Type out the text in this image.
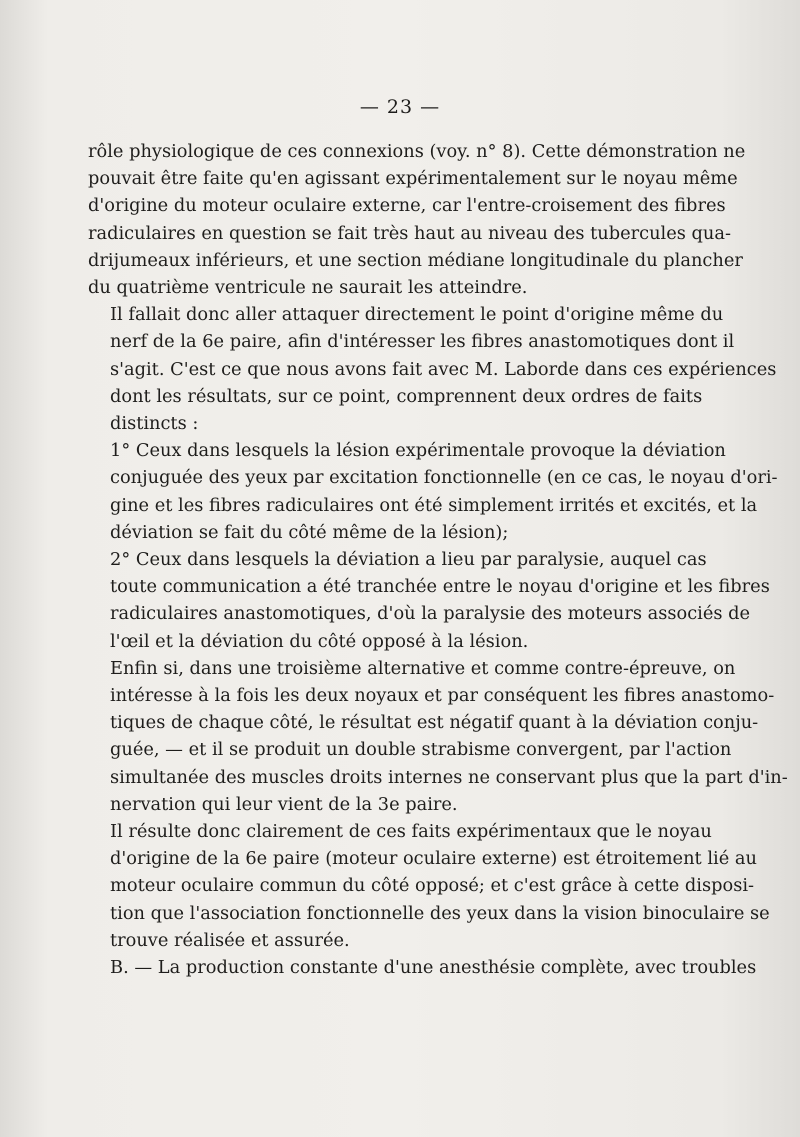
— 23 —

rôle physiologique de ces connexions (voy. n° 8). Cette démonstration ne
pouvait être faite qu'en agissant expérimentalement sur le noyau même
d'origine du moteur oculaire externe, car l'entre-croisement des fibres
radiculaires en question se fait très haut au niveau des tubercules qua-
drijumeaux inférieurs, et une section médiane longitudinale du plancher
du quatrième ventricule ne saurait les atteindre.

Il fallait donc aller attaquer directement le point d'origine même du
nerf de la 6e paire, afin d'intéresser les fibres anastomotiques dont il
s'agit. C'est ce que nous avons fait avec M. Laborde dans ces expériences
dont les résultats, sur ce point, comprennent deux ordres de faits
distincts :

1° Ceux dans lesquels la lésion expérimentale provoque la déviation
conjuguée des yeux par excitation fonctionnelle (en ce cas, le noyau d'ori-
gine et les fibres radiculaires ont été simplement irrités et excités, et la
déviation se fait du côté même de la lésion);

2° Ceux dans lesquels la déviation a lieu par paralysie, auquel cas
toute communication a été tranchée entre le noyau d'origine et les fibres
radiculaires anastomotiques, d'où la paralysie des moteurs associés de
l'œil et la déviation du côté opposé à la lésion.

Enfin si, dans une troisième alternative et comme contre-épreuve, on
intéresse à la fois les deux noyaux et par conséquent les fibres anastomo-
tiques de chaque côté, le résultat est négatif quant à la déviation conju-
guée, — et il se produit un double strabisme convergent, par l'action
simultanée des muscles droits internes ne conservant plus que la part d'in-
nervation qui leur vient de la 3e paire.

Il résulte donc clairement de ces faits expérimentaux que le noyau
d'origine de la 6e paire (moteur oculaire externe) est étroitement lié au
moteur oculaire commun du côté opposé; et c'est grâce à cette disposi-
tion que l'association fonctionnelle des yeux dans la vision binoculaire se
trouve réalisée et assurée.

B. — La production constante d'une anesthésie complète, avec troubles
